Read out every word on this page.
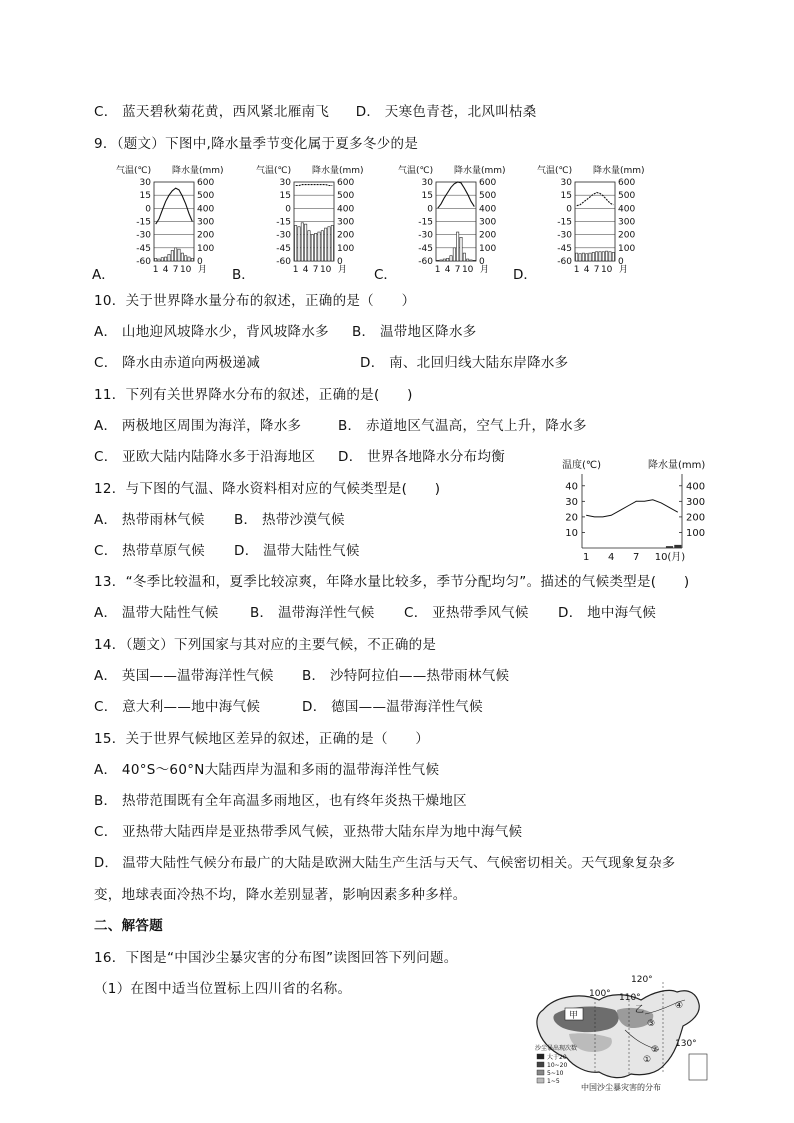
C． 蓝天碧秋菊花黄，西风紧北雁南飞 D． 天寒色青苍，北风叫枯桑
9．（题文）下图中,降水量季节变化属于夏多冬少的是
A．
气温(℃) 降水量(mm)
30
15
0
-15
-30
-45
-60
600
500
400
300
200
100
0
1 4 7 10 月 B．
气温(℃) 降水量(mm)
30
15
0
-15
-30
-45
-60
600
500
400
300
200
100
0
1 4 7 10 月 C．
气温(℃) 降水量(mm)
30
15
0
-15
-30
-45
-60
600
500
400
300
200
100
0
1 4 7 10 月 D．
气温(℃) 降水量(mm)
30
15
0
-15
-30
-45
-60
600
500
400
300
200
100
0
1 4 7 10 月
10．关于世界降水量分布的叙述，正确的是（　　）
A． 山地迎风坡降水少，背风坡降水多 B． 温带地区降水多
C． 降水由赤道向两极递减	D． 南、北回归线大陆东岸降水多
11．下列有关世界降水分布的叙述，正确的是(　　)
A． 两极地区周围为海洋，降水多	B． 赤道地区气温高，空气上升，降水多
C． 亚欧大陆内陆降水多于沿海地区 D． 世界各地降水分布均衡
12．与下图的气温、降水资料相对应的气候类型是(　　)
A． 热带雨林气候 B． 热带沙漠气候
C． 热带草原气候 D． 温带大陆性气候
温度(℃)	降水量(mm)
40
30
20
10
400
300
200
100
1 4 7 10 (月)
13．“冬季比较温和，夏季比较凉爽，年降水量比较多，季节分配均匀”。描述的气候类型是(　　)
A． 温带大陆性气候 B． 温带海洋性气候 C． 亚热带季风气候 D． 地中海气候
14．（题文）下列国家与其对应的主要气候，不正确的是
A． 英国——温带海洋性气候 B． 沙特阿拉伯——热带雨林气候
C． 意大利——地中海气候	D． 德国——温带海洋性气候
15．关于世界气候地区差异的叙述，正确的是（　　）
A． 40°S～60°N大陆西岸为温和多雨的温带海洋性气候
B． 热带范围既有全年高温多雨地区，也有终年炎热干燥地区
C． 亚热带大陆西岸是亚热带季风气候，亚热带大陆东岸为地中海气候
D． 温带大陆性气候分布最广的大陆是欧洲大陆生产生活与天气、气候密切相关。天气现象复杂多
变，地球表面冷热不均，降水差别显著，影响因素多种多样。
二、解答题
16．下图是“中国沙尘暴灾害的分布图”读图回答下列问题。
（1）在图中适当位置标上四川省的名称。
120°
100° 110°
130°
甲
乙
①
②
③
④
沙尘暴出现次数
大于20
10~20
5~10
1~5
中国沙尘暴灾害的分布
